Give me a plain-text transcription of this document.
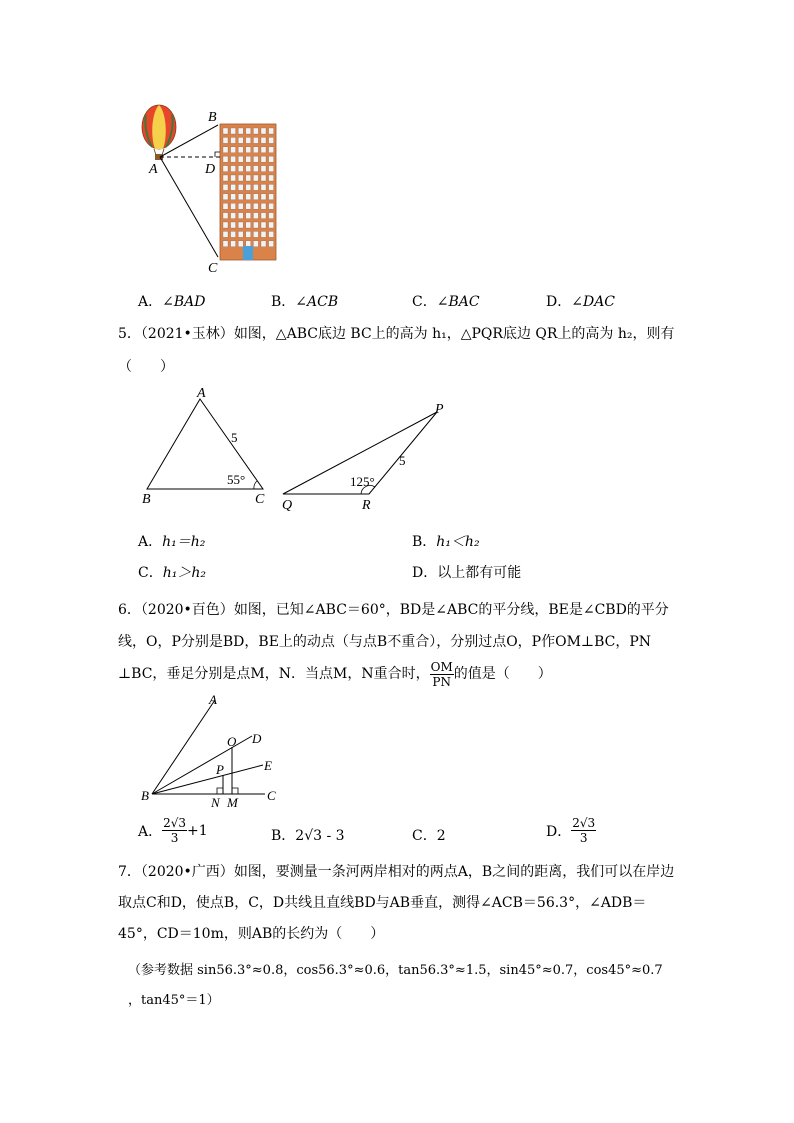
B
A	D
C
A．∠BAD	B．∠ACB	C．∠BAC	D．∠DAC
5．（2021•玉林）如图，△ABC底边 BC上的高为 h₁，△PQR底边 QR上的高为 h₂，则有（　　）
A
B	C
5
55°
P
Q	R
5
125°
A．h₁＝h₂	B．h₁＜h₂
C．h₁＞h₂	D．以上都有可能
6．（2020•百色）如图，已知∠ABC＝60°，BD是∠ABC的平分线，BE是∠CBD的平分
线，O，P分别是BD，BE上的动点（与点B不重合），分别过点O，P作OM⊥BC，PN
⊥BC，垂足分别是点M，N．当点M，N重合时， $\frac{OM}{PN}$ 的值是（　　）
A
O D
P	E
B	N M C
A． $\frac{2√3}{3} +1$	B．2√3 - 3	C．2	D． $\frac{2√3}{3}$
7．（2020•广西）如图，要测量一条河两岸相对的两点A，B之间的距离，我们可以在岸边
取点C和D，使点B，C，D共线且直线BD与AB垂直，测得∠ACB＝56.3°，∠ADB＝
45°，CD＝10m，则AB的长约为（　　）
（参考数据 sin56.3°≈0.8，cos56.3°≈0.6，tan56.3°≈1.5，sin45°≈0.7，cos45°≈0.7
，tan45°＝1）
